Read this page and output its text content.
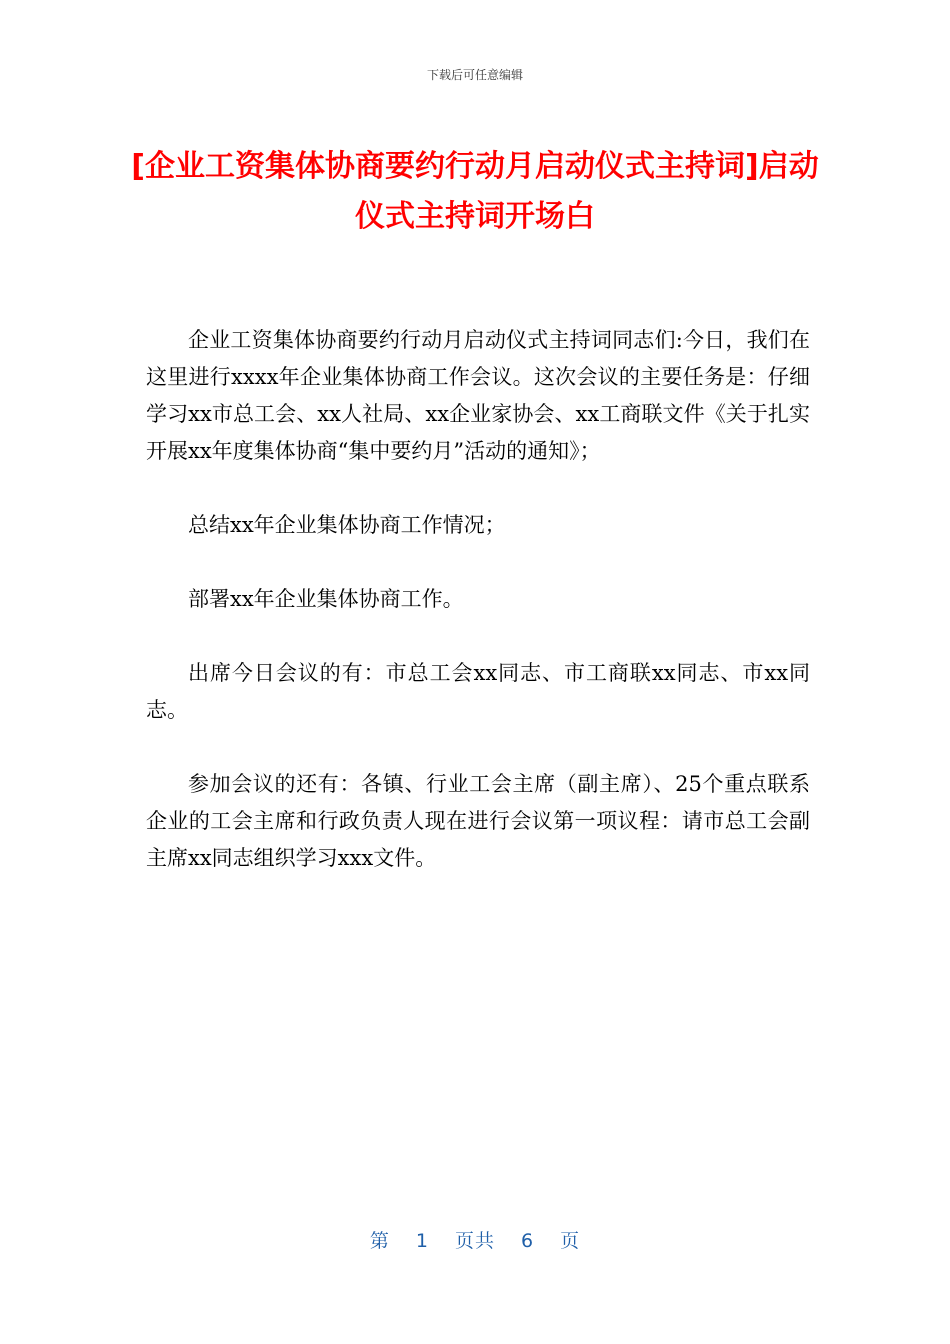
下载后可任意编辑
[企业工资集体协商要约行动月启动仪式主持词]启动仪式主持词开场白

企业工资集体协商要约行动月启动仪式主持词同志们:今日，我们在这里进行xxxx年企业集体协商工作会议。这次会议的主要任务是：仔细学习xx市总工会、xx人社局、xx企业家协会、xx工商联文件《关于扎实开展xx年度集体协商“集中要约月”活动的通知》；

总结xx年企业集体协商工作情况；

部署xx年企业集体协商工作。

出席今日会议的有：市总工会xx同志、市工商联xx同志、市xx同志。

参加会议的还有：各镇、行业工会主席（副主席）、25个重点联系企业的工会主席和行政负责人现在进行会议第一项议程：请市总工会副主席xx同志组织学习xxx文件。

第 1 页共 6 页
